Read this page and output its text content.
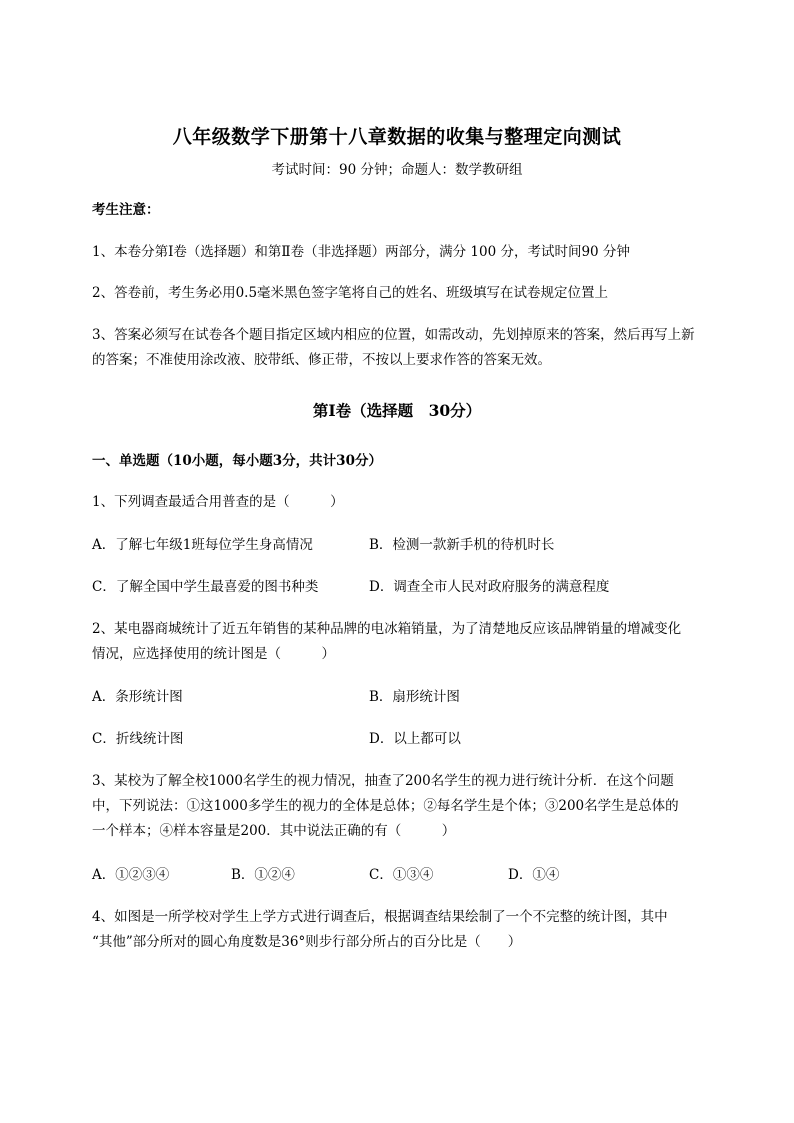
八年级数学下册第十八章数据的收集与整理定向测试
考试时间：90 分钟；命题人：数学教研组
考生注意：
1、本卷分第Ⅰ卷（选择题）和第Ⅱ卷（非选择题）两部分，满分 100 分，考试时间90 分钟
2、答卷前，考生务必用0.5毫米黑色签字笔将自己的姓名、班级填写在试卷规定位置上
3、答案必须写在试卷各个题目指定区域内相应的位置，如需改动，先划掉原来的答案，然后再写上新
的答案；不准使用涂改液、胶带纸、修正带，不按以上要求作答的答案无效。
第Ⅰ卷（选择题　30分）
一、单选题（10小题，每小题3分，共计30分）
1、下列调查最适合用普查的是（　　　）
A．了解七年级1班每位学生身高情况	B．检测一款新手机的待机时长
C．了解全国中学生最喜爱的图书种类	D．调查全市人民对政府服务的满意程度
2、某电器商城统计了近五年销售的某种品牌的电冰箱销量，为了清楚地反应该品牌销量的增减变化
情况，应选择使用的统计图是（　　　）
A．条形统计图	B．扇形统计图
C．折线统计图	D．以上都可以
3、某校为了解全校1000名学生的视力情况，抽查了200名学生的视力进行统计分析．在这个问题
中，下列说法：①这1000多学生的视力的全体是总体；②每名学生是个体；③200名学生是总体的
一个样本；④样本容量是200．其中说法正确的有（　　　）
A．①②③④	B．①②④	C．①③④	D．①④
4、如图是一所学校对学生上学方式进行调查后，根据调查结果绘制了一个不完整的统计图，其中
“其他”部分所对的圆心角度数是36°则步行部分所占的百分比是（　　）
